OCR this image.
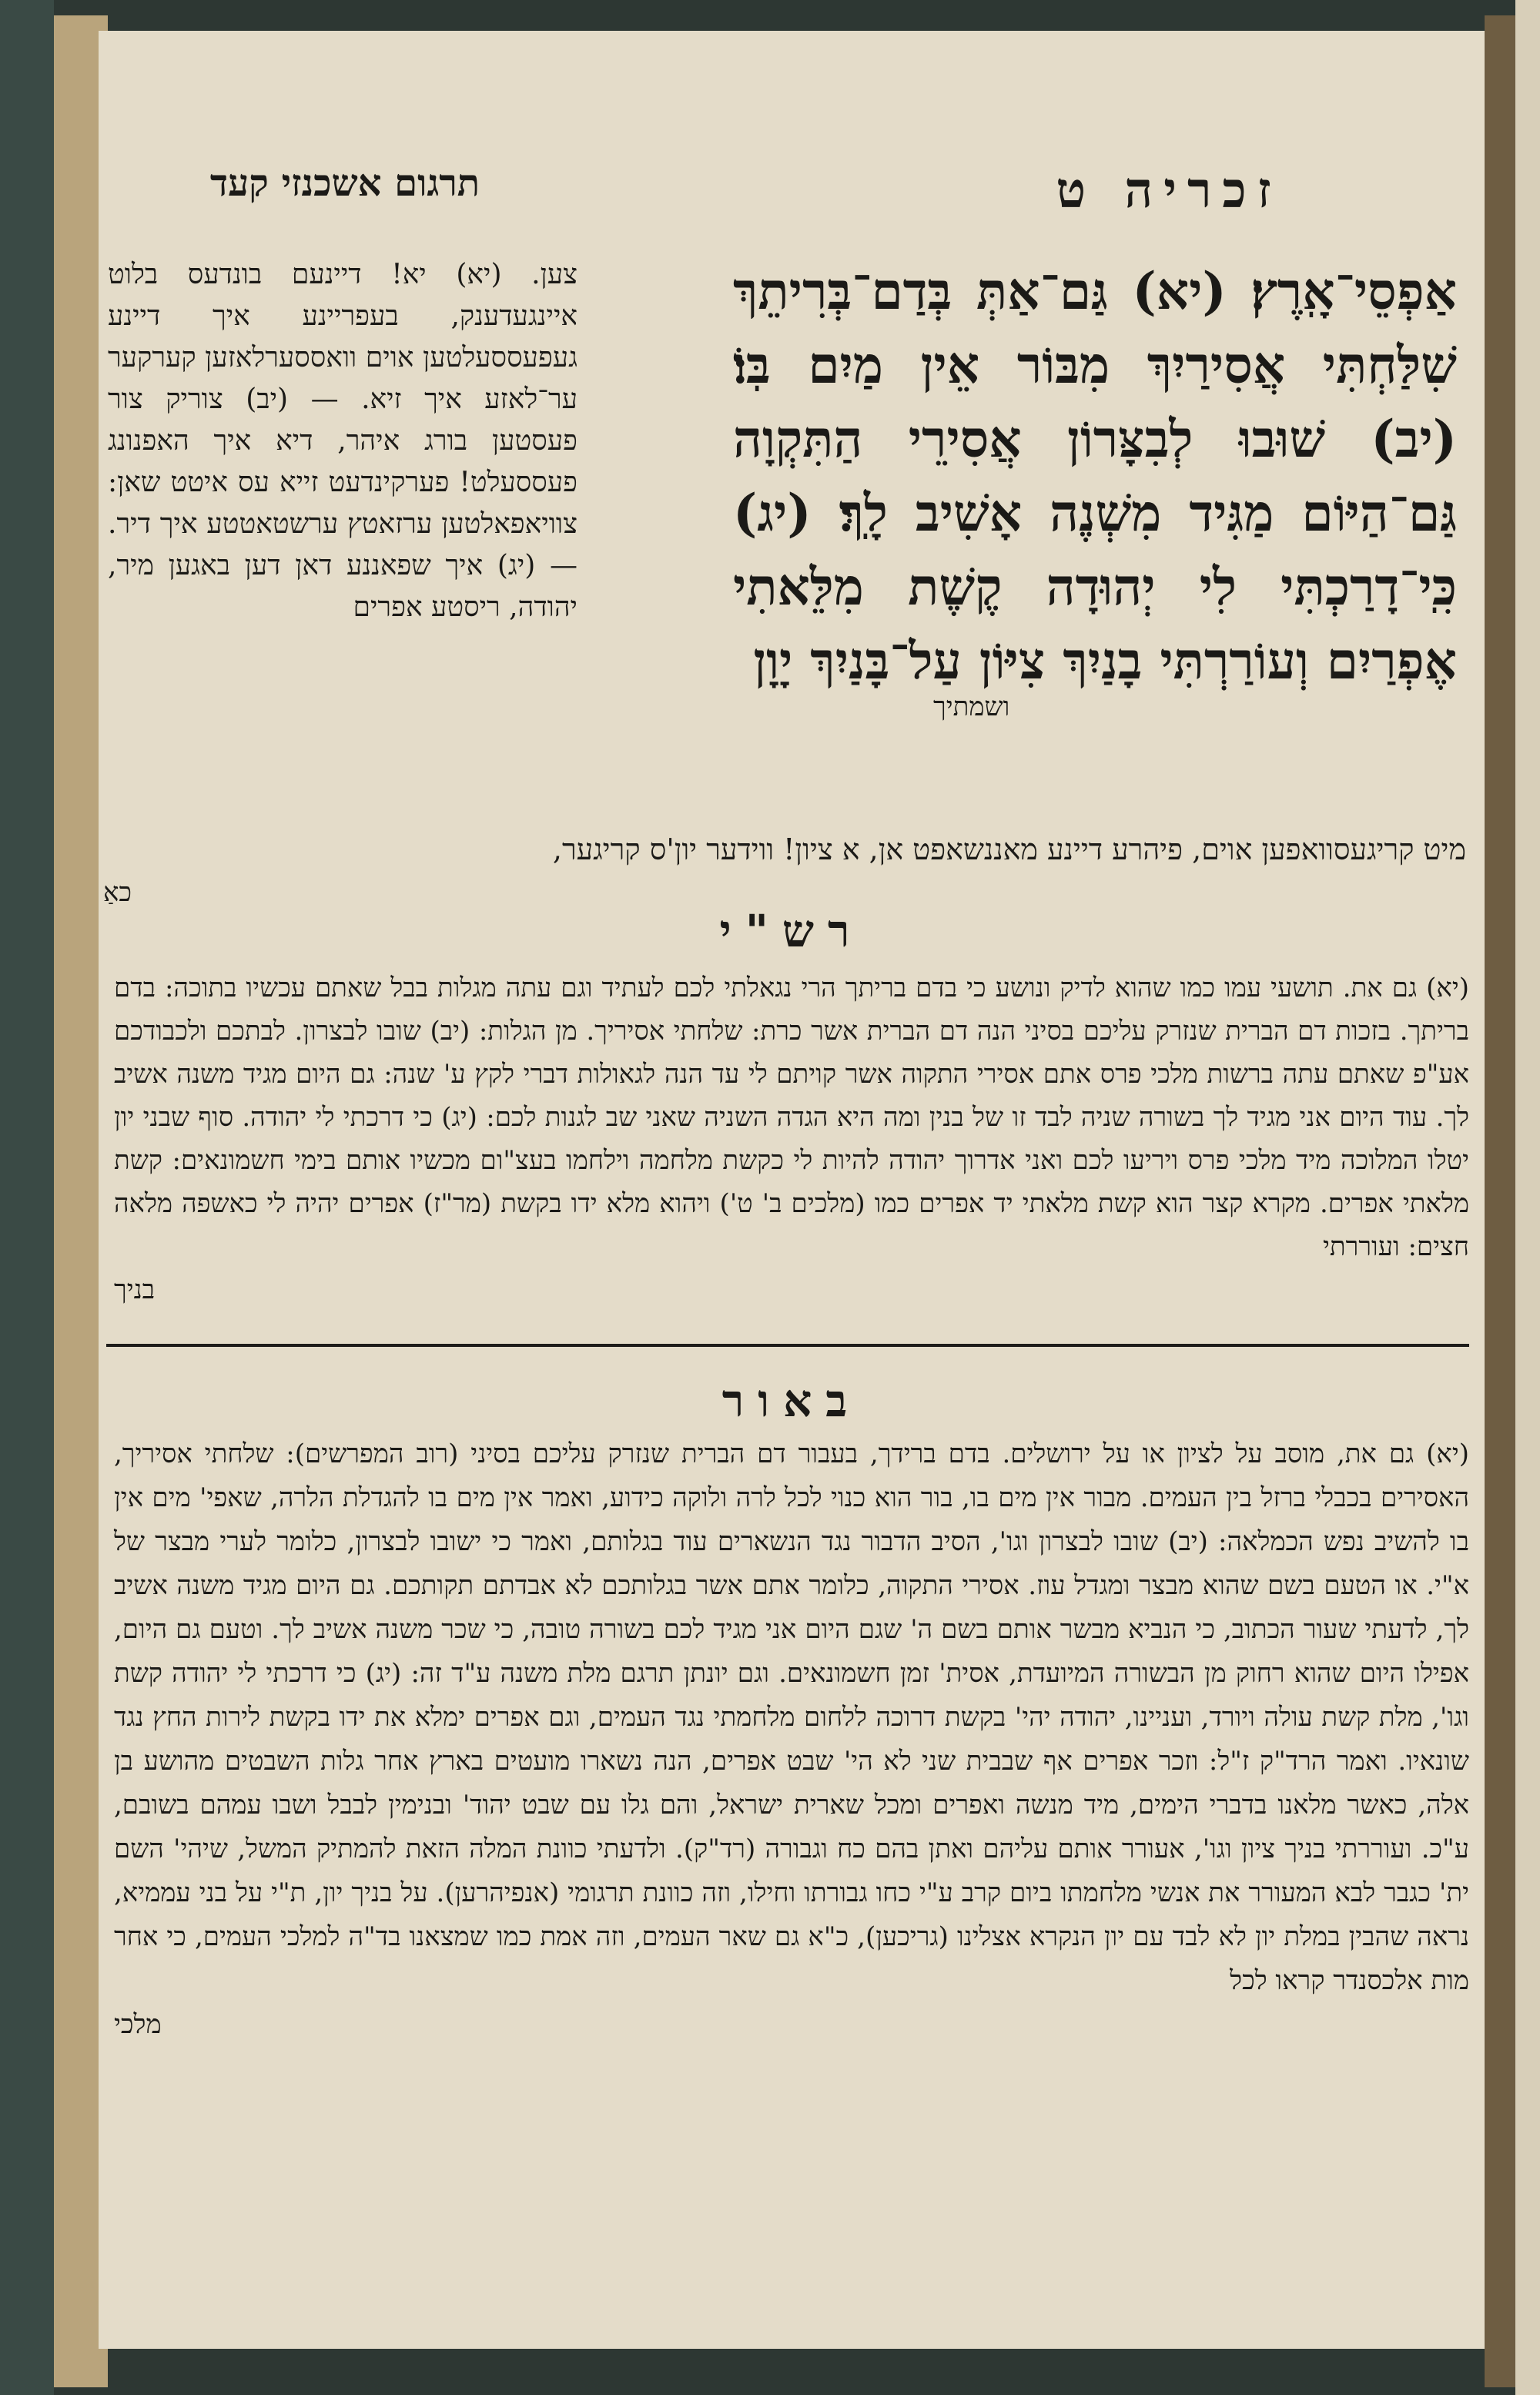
זכריה ט
תרגום אשכנזי קעד
אַפְסֵי־אָֽרֶץ׃ (יא) גַּם־אַתְּ בְּדַם־בְּרִיתֵךְ שִׁלַּחְתִּי אֲסִירַיִךְ מִבּוֹר אֵין מַיִם בּֽוֹ׃ (יב) שׁוּבוּ לְבִצָּרוֹן אֲסִירֵי הַתִּקְוָה גַּם־הַיּוֹם מַגִּיד מִשְׁנֶה אָשִׁיב לָֽךְ׃ (יג) כִּֽי־דָרַכְתִּי לִי יְהוּדָה קֶשֶׁת מִלֵּאתִי אֶפְרַיִם וְעוֹרַרְתִּי בָנַיִךְ צִיּוֹן עַל־בָּנַיִךְ יָוָן
ושמתיך
צען. (יא) יא! דיינעם בונדעס בלוט איינגעדענק, בעפריינע איך דיינע געפעססעלטען אוים וואססערלאזען קערקער ער־לאזע איך זיא. — (יב) צוריק צור פעסטען בורג איהר, דיא איך האפנונג פעססעלט! פערקינדעט זייא עס איטט שאן: צוויאפאלטען ערזאטץ ערשטאטטע איך דיר. — (יג) איך שפאננע דאן דען באגען מיר, יהודה, ריסטע אפרים
מיט קריגעסוואפען אוים, פיהרע דיינע מאננשאפט אן, א ציון! ווידער יון'ס קריגער,
כאַ
רש"י
(יא) גם את. תושעי עמו כמו שהוא לדיק ונושע כי בדם בריתך הרי נגאלתי לכם לעתיד וגם עתה מגלות בבל שאתם עכשיו בתוכה: בדם בריתך. בזכות דם הברית שנזרק עליכם בסיני הנה דם הברית אשר כרת: שלחתי אסיריך. מן הגלות: (יב) שובו לבצרון. לבתכם ולכבודכם אע"פ שאתם עתה ברשות מלכי פרס אתם אסירי התקוה אשר קויתם לי עד הנה לגאולות דברי לקץ ע' שנה: גם היום מגיד משנה אשיב לך. עוד היום אני מגיד לך בשורה שניה לבד זו של בנין ומה היא הגדה השניה שאני שב לגנות לכם: (יג) כי דרכתי לי יהודה. סוף שבני יון יטלו המלוכה מיד מלכי פרס ויריעו לכם ואני אדרוך יהודה להיות לי כקשת מלחמה וילחמו בעצ"ום מכשיו אותם בימי חשמונאים: קשת מלאתי אפרים. מקרא קצר הוא קשת מלאתי יד אפרים כמו (מלכים ב' ט') ויהוא מלא ידו בקשת (מר"ז) אפרים יהיה לי כאשפה מלאה חצים: ועוררתי
בניך
באור
(יא) גם את, מוסב על לציון או על ירושלים. בדם ברידך, בעבור דם הברית שנזרק עליכם בסיני (רוב המפרשים): שלחתי אסיריך, האסירים בכבלי ברזל בין העמים. מבור אין מים בו, בור הוא כנוי לכל לרה ולוקה כידוע, ואמר אין מים בו להגדלת הלרה, שאפי' מים אין בו להשיב נפש הכמלאה: (יב) שובו לבצרון וגו', הסיב הדבור נגד הנשארים עוד בגלותם, ואמר כי ישובו לבצרון, כלומר לערי מבצר של א"י. או הטעם בשם שהוא מבצר ומגדל עוז. אסירי התקוה, כלומר אתם אשר בגלותכם לא אבדתם תקותכם. גם היום מגיד משנה אשיב לך, לדעתי שעור הכתוב, כי הנביא מבשר אותם בשם ה' שגם היום אני מגיד לכם בשורה טובה, כי שכר משנה אשיב לך. וטעם גם היום, אפילו היום שהוא רחוק מן הבשורה המיועדת, אסית' זמן חשמונאים. וגם יונתן תרגם מלת משנה ע"ד זה: (יג) כי דרכתי לי יהודה קשת וגו', מלת קשת עולה ויורד, ועניינו, יהודה יהי' בקשת דרוכה ללחום מלחמתי נגד העמים, וגם אפרים ימלא את ידו בקשת לירות החץ נגד שונאיו. ואמר הרד"ק ז"ל: וזכר אפרים אף שבבית שני לא הי' שבט אפרים, הנה נשארו מועטים בארץ אחר גלות השבטים מהושע בן אלה, כאשר מלאנו בדברי הימים, מיד מנשה ואפרים ומכל שארית ישראל, והם גלו עם שבט יהוד' ובנימין לבבל ושבו עמהם בשובם, ע"כ. ועוררתי בניך ציון וגו', אעורר אותם עליהם ואתן בהם כח וגבורה (רד"ק). ולדעתי כוונת המלה הזאת להמתיק המשל, שיהי' השם ית' כגבר לבא המעורר את אנשי מלחמתו ביום קרב ע"י כחו גבורתו וחילו, וזה כוונת תרגומי (אנפיהרען). על בניך יון, ת"י על בני עממיא, נראה שהבין במלת יון לא לבד עם יון הנקרא אצלינו (גריכען), כ"א גם שאר העמים, וזה אמת כמו שמצאנו בד"ה למלכי העמים, כי אחר מות אלכסנדר קראו לכל
מלכי
